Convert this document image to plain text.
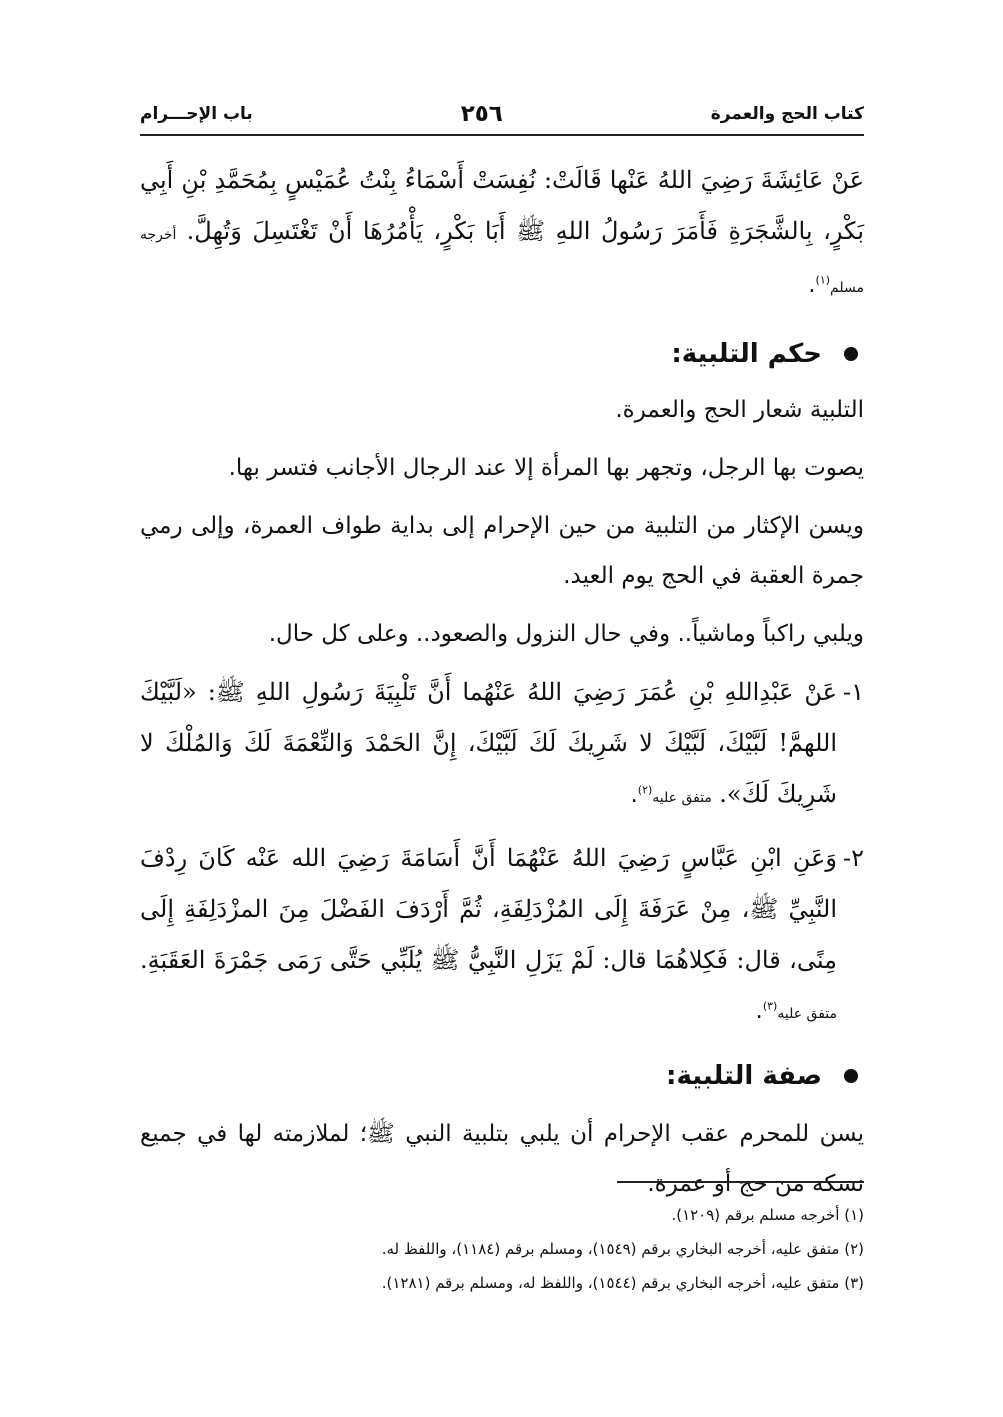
كتاب الحج والعمرة
٢٥٦
باب الإحـــرام

عَنْ عَائِشَةَ رَضِيَ اللهُ عَنْها قَالَتْ: نُفِسَتْ أَسْمَاءُ بِنْتُ عُمَيْسٍ بِمُحَمَّدِ بْنِ أَبِي بَكْرٍ، بِالشَّجَرَةِ فَأَمَرَ رَسُولُ اللهِ ﷺ أَبَا بَكْرٍ، يَأْمُرُهَا أَنْ تَغْتَسِلَ وَتُهِلَّ. أخرجه مسلم$^{(١)}$.

حكم التلبية:

التلبية شعار الحج والعمرة.

يصوت بها الرجل، وتجهر بها المرأة إلا عند الرجال الأجانب فتسر بها.

ويسن الإكثار من التلبية من حين الإحرام إلى بداية طواف العمرة، وإلى رمي جمرة العقبة في الحج يوم العيد.

ويلبي راكباً وماشياً.. وفي حال النزول والصعود.. وعلى كل حال.

١-

عَنْ عَبْدِاللهِ بْنِ عُمَرَ رَضِيَ اللهُ عَنْهُما أَنَّ تَلْبِيَةَ رَسُولِ اللهِ ﷺ: «لَبَّيْكَ اللهمَّ! لَبَّيْكَ، لَبَّيْكَ لا شَرِيكَ لَكَ لَبَّيْكَ، إِنَّ الحَمْدَ وَالنِّعْمَةَ لَكَ وَالمُلْكَ لا شَرِيكَ لَكَ». متفق عليه$^{(٢)}$.

٢-

وَعَنِ ابْنِ عَبَّاسٍ رَضِيَ اللهُ عَنْهُمَا أَنَّ أَسَامَةَ رَضِيَ الله عَنْه كَانَ رِدْفَ النَّبِيِّ ﷺ، مِنْ عَرَفَةَ إِلَى المُزْدَلِفَةِ، ثُمَّ أَرْدَفَ الفَضْلَ مِنَ المزْدَلِفَةِ إِلَى مِنًى، قال: فَكِلاهُمَا قال: لَمْ يَزَلِ النَّبِيُّ ﷺ يُلَبِّي حَتَّى رَمَى جَمْرَةَ العَقَبَةِ. متفق عليه$^{(٣)}$.

صفة التلبية:

يسن للمحرم عقب الإحرام أن يلبي بتلبية النبي ﷺ؛ لملازمته لها في جميع نسكه من حج أو عمرة.

(١) أخرجه مسلم برقم (١٢٠٩).
(٢) متفق عليه، أخرجه البخاري برقم (١٥٤٩)، ومسلم برقم (١١٨٤)، واللفظ له.
(٣) متفق عليه، أخرجه البخاري برقم (١٥٤٤)، واللفظ له، ومسلم برقم (١٢٨١).
